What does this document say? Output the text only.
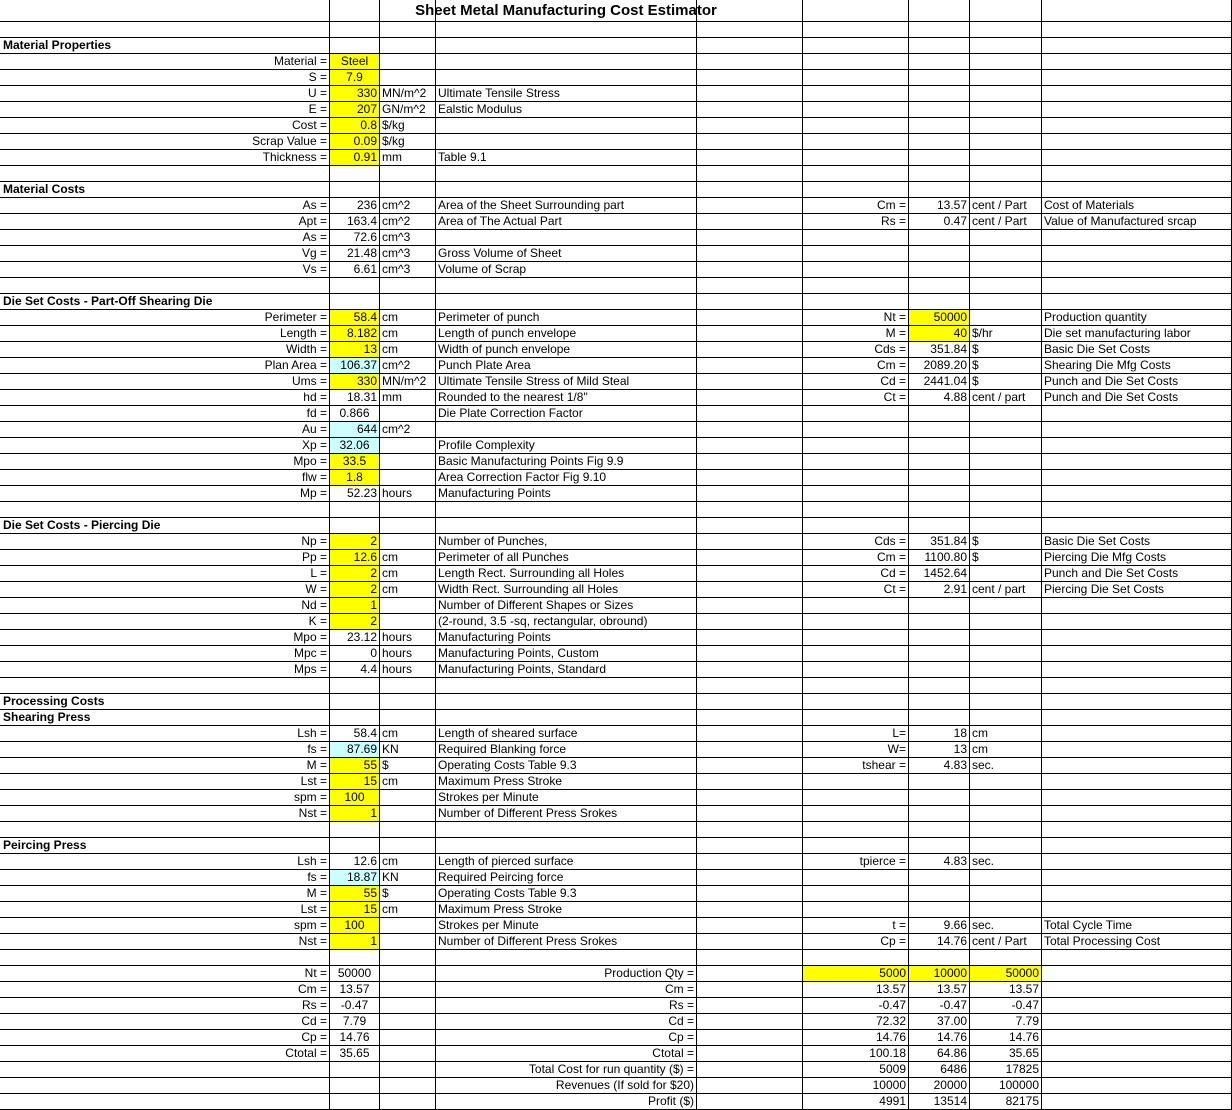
Sheet Metal Manufacturing Cost Estimator
Material Properties
Material Costs
Die Set Costs - Part-Off Shearing Die
Die Set Costs - Piercing Die
Processing Costs
Shearing Press
Peircing Press
Material =	Steel
S =	7.9
U =	330 MN/m^2 Ultimate Tensile Stress
E =	207 GN/m^2	Ealstic Modulus
Cost =	0.8 $/kg
Scrap Value =	0.09 $/kg
Thickness =	0.91 mm	Table 9.1
As =	236 cm^2	Area of the Sheet Surrounding part	Cm =	13.57 cent / Part	Cost of Materials
Apt =	163.4 cm^2	Area of The Actual Part	Rs =	0.47 cent / Part	Value of Manufactured srcap
As =	72.6 cm^3
Vg =	21.48 cm^3	Gross Volume of Sheet
Vs =	6.61 cm^3	Volume of Scrap
Perimeter =	58.4 cm	Perimeter of punch	Nt =	50000	Production quantity
Length =	8.182 cm	Length of punch envelope	M =	40 $/hr	Die set manufacturing labor
Width =	13 cm	Width of punch envelope	Cds =	351.84 $	Basic Die Set Costs
Plan Area =	106.37 cm^2	Punch Plate Area	Cm =	2089.20 $	Shearing Die Mfg Costs
Ums =	330 MN/m^2 Ultimate Tensile Stress of Mild Steal	Cd =	2441.04 $	Punch and Die Set Costs
hd =	18.31 mm	Rounded to the nearest 1/8"	Ct =	4.88 cent / part	Punch and Die Set Costs
fd =	0.866	Die Plate Correction Factor
Au =	644 cm^2
Xp =	32.06	Profile Complexity
Mpo =	33.5	Basic Manufacturing Points Fig 9.9
flw =	1.8	Area Correction Factor Fig 9.10
Mp =	52.23 hours	Manufacturing Points
Np =	2	Number of Punches,	Cds =	351.84 $	Basic Die Set Costs
Pp =	12.6 cm	Perimeter of all Punches	Cm =	1100.80 $	Piercing Die Mfg Costs
L =	2 cm	Length Rect. Surrounding all Holes	Cd =	1452.64	Punch and Die Set Costs
W =	2 cm	Width Rect. Surrounding all Holes	Ct =	2.91 cent / part	Piercing Die Set Costs
Nd =	1	Number of Different Shapes or Sizes
K =	2	(2-round, 3.5 -sq, rectangular, obround)
Mpo =	23.12 hours	Manufacturing Points
Mpc =	0 hours	Manufacturing Points, Custom
Mps =	4.4 hours	Manufacturing Points, Standard
Lsh =	58.4 cm	Length of sheared surface	L=	18 cm
fs =	87.69 KN	Required Blanking force	W=	13 cm
M =	55 $	Operating Costs Table 9.3	tshear =	4.83 sec.
Lst =	15 cm	Maximum Press Stroke
spm =	100	Strokes per Minute
Nst =	1	Number of Different Press Srokes
Lsh =	12.6 cm	Length of pierced surface	tpierce =	4.83 sec.
fs =	18.87 KN	Required Peircing force
M =	55 $	Operating Costs Table 9.3
Lst =	15 cm	Maximum Press Stroke
spm =	100	Strokes per Minute	t =	9.66 sec.	Total Cycle Time
Nst =	1	Number of Different Press Srokes	Cp =	14.76 cent / Part	Total Processing Cost
Nt = 50000
Cm =	13.57
Rs =	-0.47
Cd =	7.79
Cp =	14.76
Ctotal =	35.65
Production Qty =	5000	10000	50000
Cm =	13.57	13.57	13.57
Rs =	-0.47	-0.47	-0.47
Cd =	72.32	37.00	7.79
Cp =	14.76	14.76	14.76
Ctotal =	100.18	64.86	35.65
Total Cost for run quantity ($) =	5009	6486	17825
Revenues (If sold for $20)	10000	20000	100000
Profit ($)	4991	13514	82175
